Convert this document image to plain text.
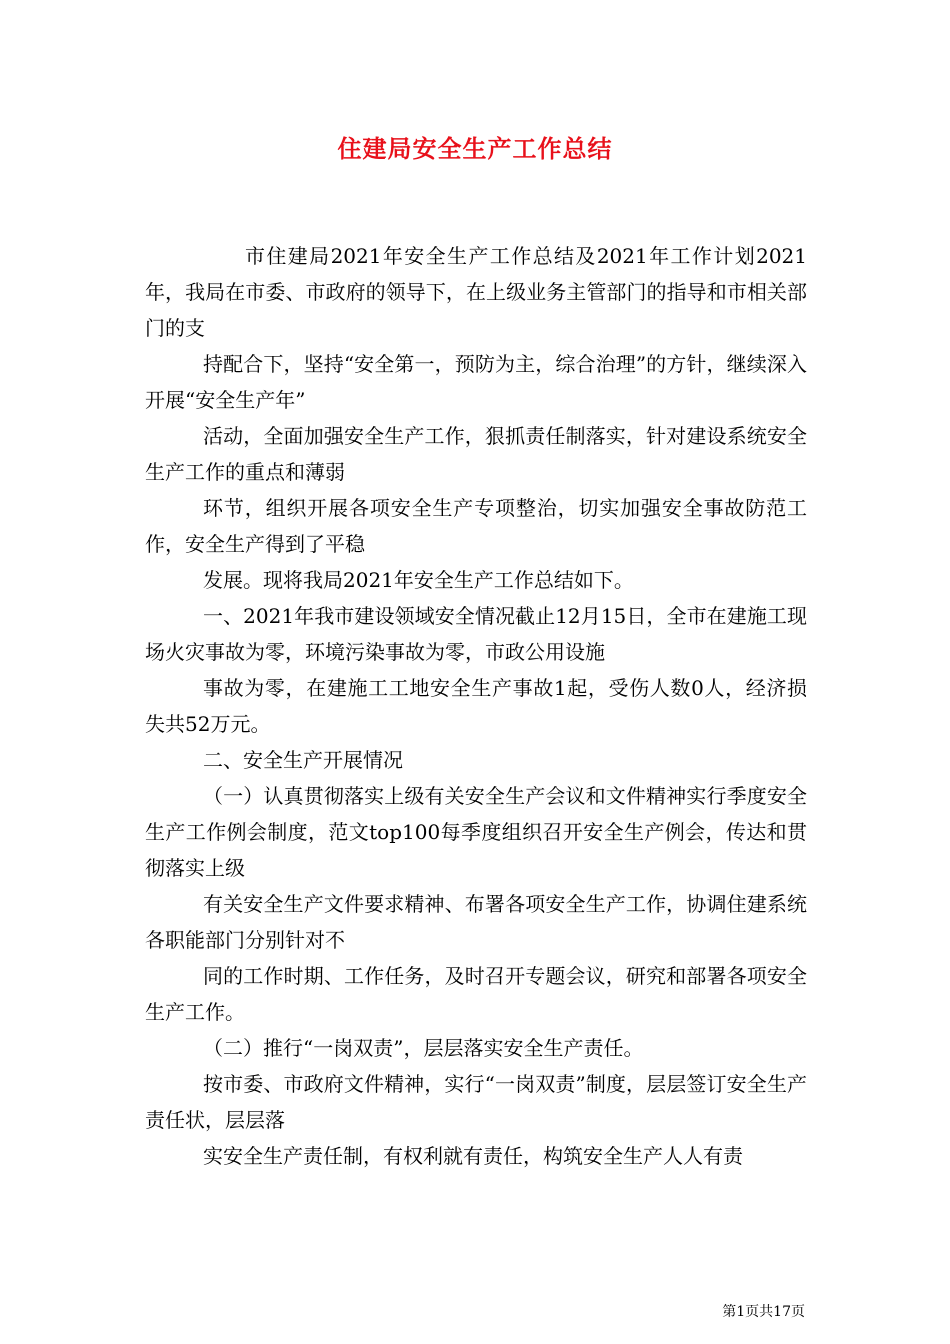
住建局安全生产工作总结

市住建局2021年安全生产工作总结及2021年工作计划2021年，我局在市委、市政府的领导下，在上级业务主管部门的指导和市相关部门的支

持配合下，坚持“安全第一，预防为主，综合治理”的方针，继续深入开展“安全生产年”

活动，全面加强安全生产工作，狠抓责任制落实，针对建设系统安全生产工作的重点和薄弱

环节，组织开展各项安全生产专项整治，切实加强安全事故防范工作，安全生产得到了平稳

发展。现将我局2021年安全生产工作总结如下。

一、2021年我市建设领域安全情况截止12月15日，全市在建施工现场火灾事故为零，环境污染事故为零，市政公用设施

事故为零，在建施工工地安全生产事故1起，受伤人数0人，经济损失共52万元。

二、安全生产开展情况

（一）认真贯彻落实上级有关安全生产会议和文件精神实行季度安全生产工作例会制度，范文top100每季度组织召开安全生产例会，传达和贯彻落实上级

有关安全生产文件要求精神、布署各项安全生产工作，协调住建系统各职能部门分别针对不

同的工作时期、工作任务，及时召开专题会议，研究和部署各项安全生产工作。

（二）推行“一岗双责”，层层落实安全生产责任。

按市委、市政府文件精神，实行“一岗双责”制度，层层签订安全生产责任状，层层落

实安全生产责任制，有权利就有责任，构筑安全生产人人有责

第1页共17页
